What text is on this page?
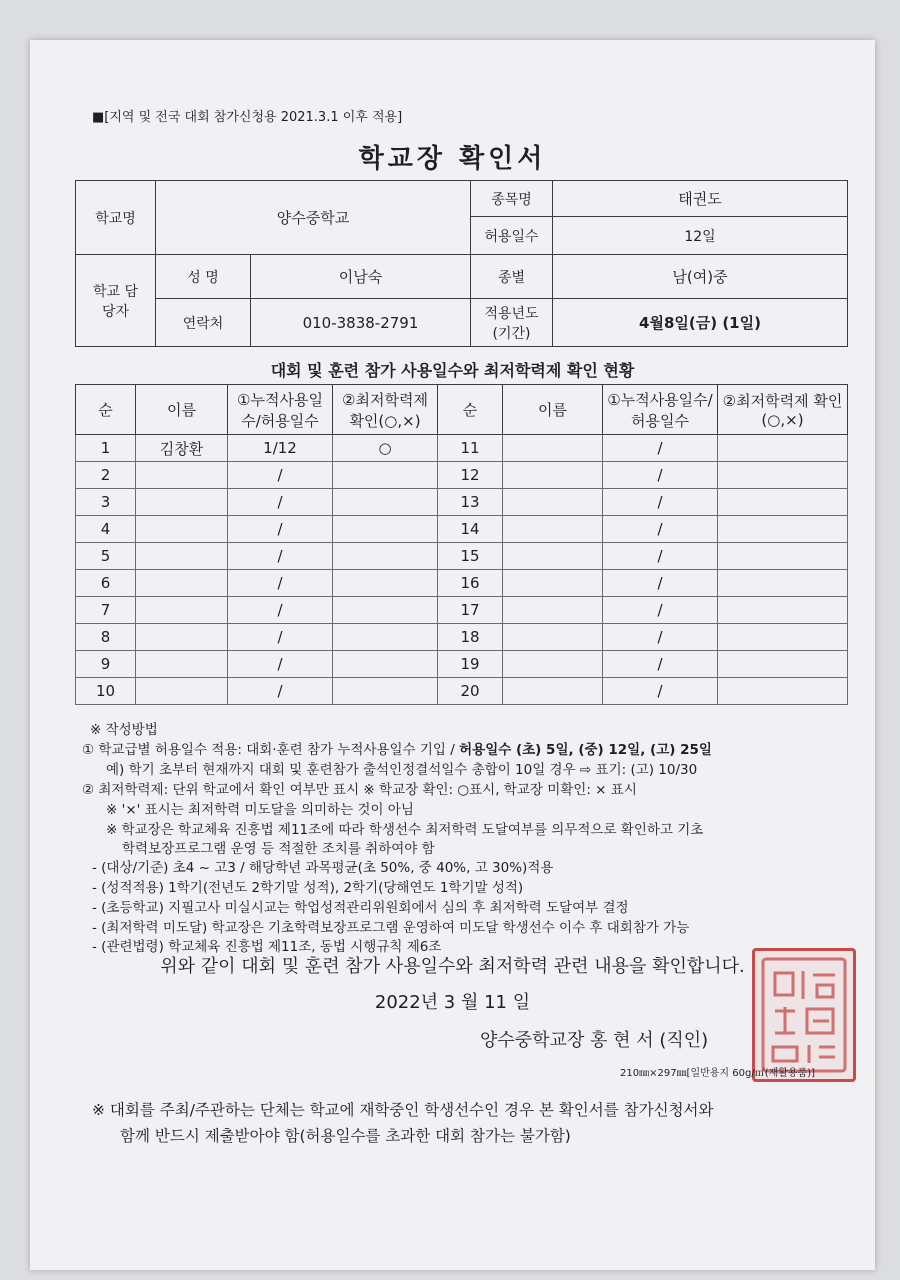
■[지역 및 전국 대회 참가신청용 2021.3.1 이후 적용]
학교장 확인서
학교명	양수중학교		종목명	태권도
			허용일수	12일
학교 담당자	성 명	이남숙	종별	남(여)중
	연락처	010-3838-2791	적용년도 (기간)	4월8일(금) (1일)
대회 및 훈련 참가 사용일수와 최저학력제 확인 현황
순	이름	①누적사용일수/허용일수	②최저학력제 확인(○,×)	순	이름	①누적사용일수/허용일수	②최저학력제 확인(○,×)
1	김창환	1/12	○	11		/	
2		/		12		/	
3		/		13		/	
4		/		14		/	
5		/		15		/	
6		/		16		/	
7		/		17		/	
8		/		18		/	
9		/		19		/	
10		/		20		/	
※ 작성방법
① 학교급별 허용일수 적용: 대회·훈련 참가 누적사용일수 기입 / 허용일수 (초) 5일, (중) 12일, (고) 25일
예) 학기 초부터 현재까지 대회 및 훈련참가 출석인정결석일수 총합이 10일 경우 ⇨ 표기: (고) 10/30
② 최저학력제: 단위 학교에서 확인 여부만 표시 ※ 학교장 확인: ○표시, 학교장 미확인: × 표시
※ '×' 표시는 최저학력 미도달을 의미하는 것이 아님
※ 학교장은 학교체육 진흥법 제11조에 따라 학생선수 최저학력 도달여부를 의무적으로 확인하고 기초
학력보장프로그램 운영 등 적절한 조치를 취하여야 함
- (대상/기준) 초4 ~ 고3 / 해당학년 과목평균(초 50%, 중 40%, 고 30%)적용
- (성적적용) 1학기(전년도 2학기말 성적), 2학기(당해연도 1학기말 성적)
- (초등학교) 지필고사 미실시교는 학업성적관리위원회에서 심의 후 최저학력 도달여부 결정
- (최저학력 미도달) 학교장은 기초학력보장프로그램 운영하여 미도달 학생선수 이수 후 대회참가 가능
- (관련법령) 학교체육 진흥법 제11조, 동법 시행규칙 제6조
위와 같이 대회 및 훈련 참가 사용일수와 최저학력 관련 내용을 확인합니다.
2022년 3 월 11 일
양수중학교장 홍 현 서 (직인)
210㎜×297㎜[일반용지 60g/㎡(재활용품)]
※ 대회를 주최/주관하는 단체는 학교에 재학중인 학생선수인 경우 본 확인서를 참가신청서와
함께 반드시 제출받아야 함(허용일수를 초과한 대회 참가는 불가함)
